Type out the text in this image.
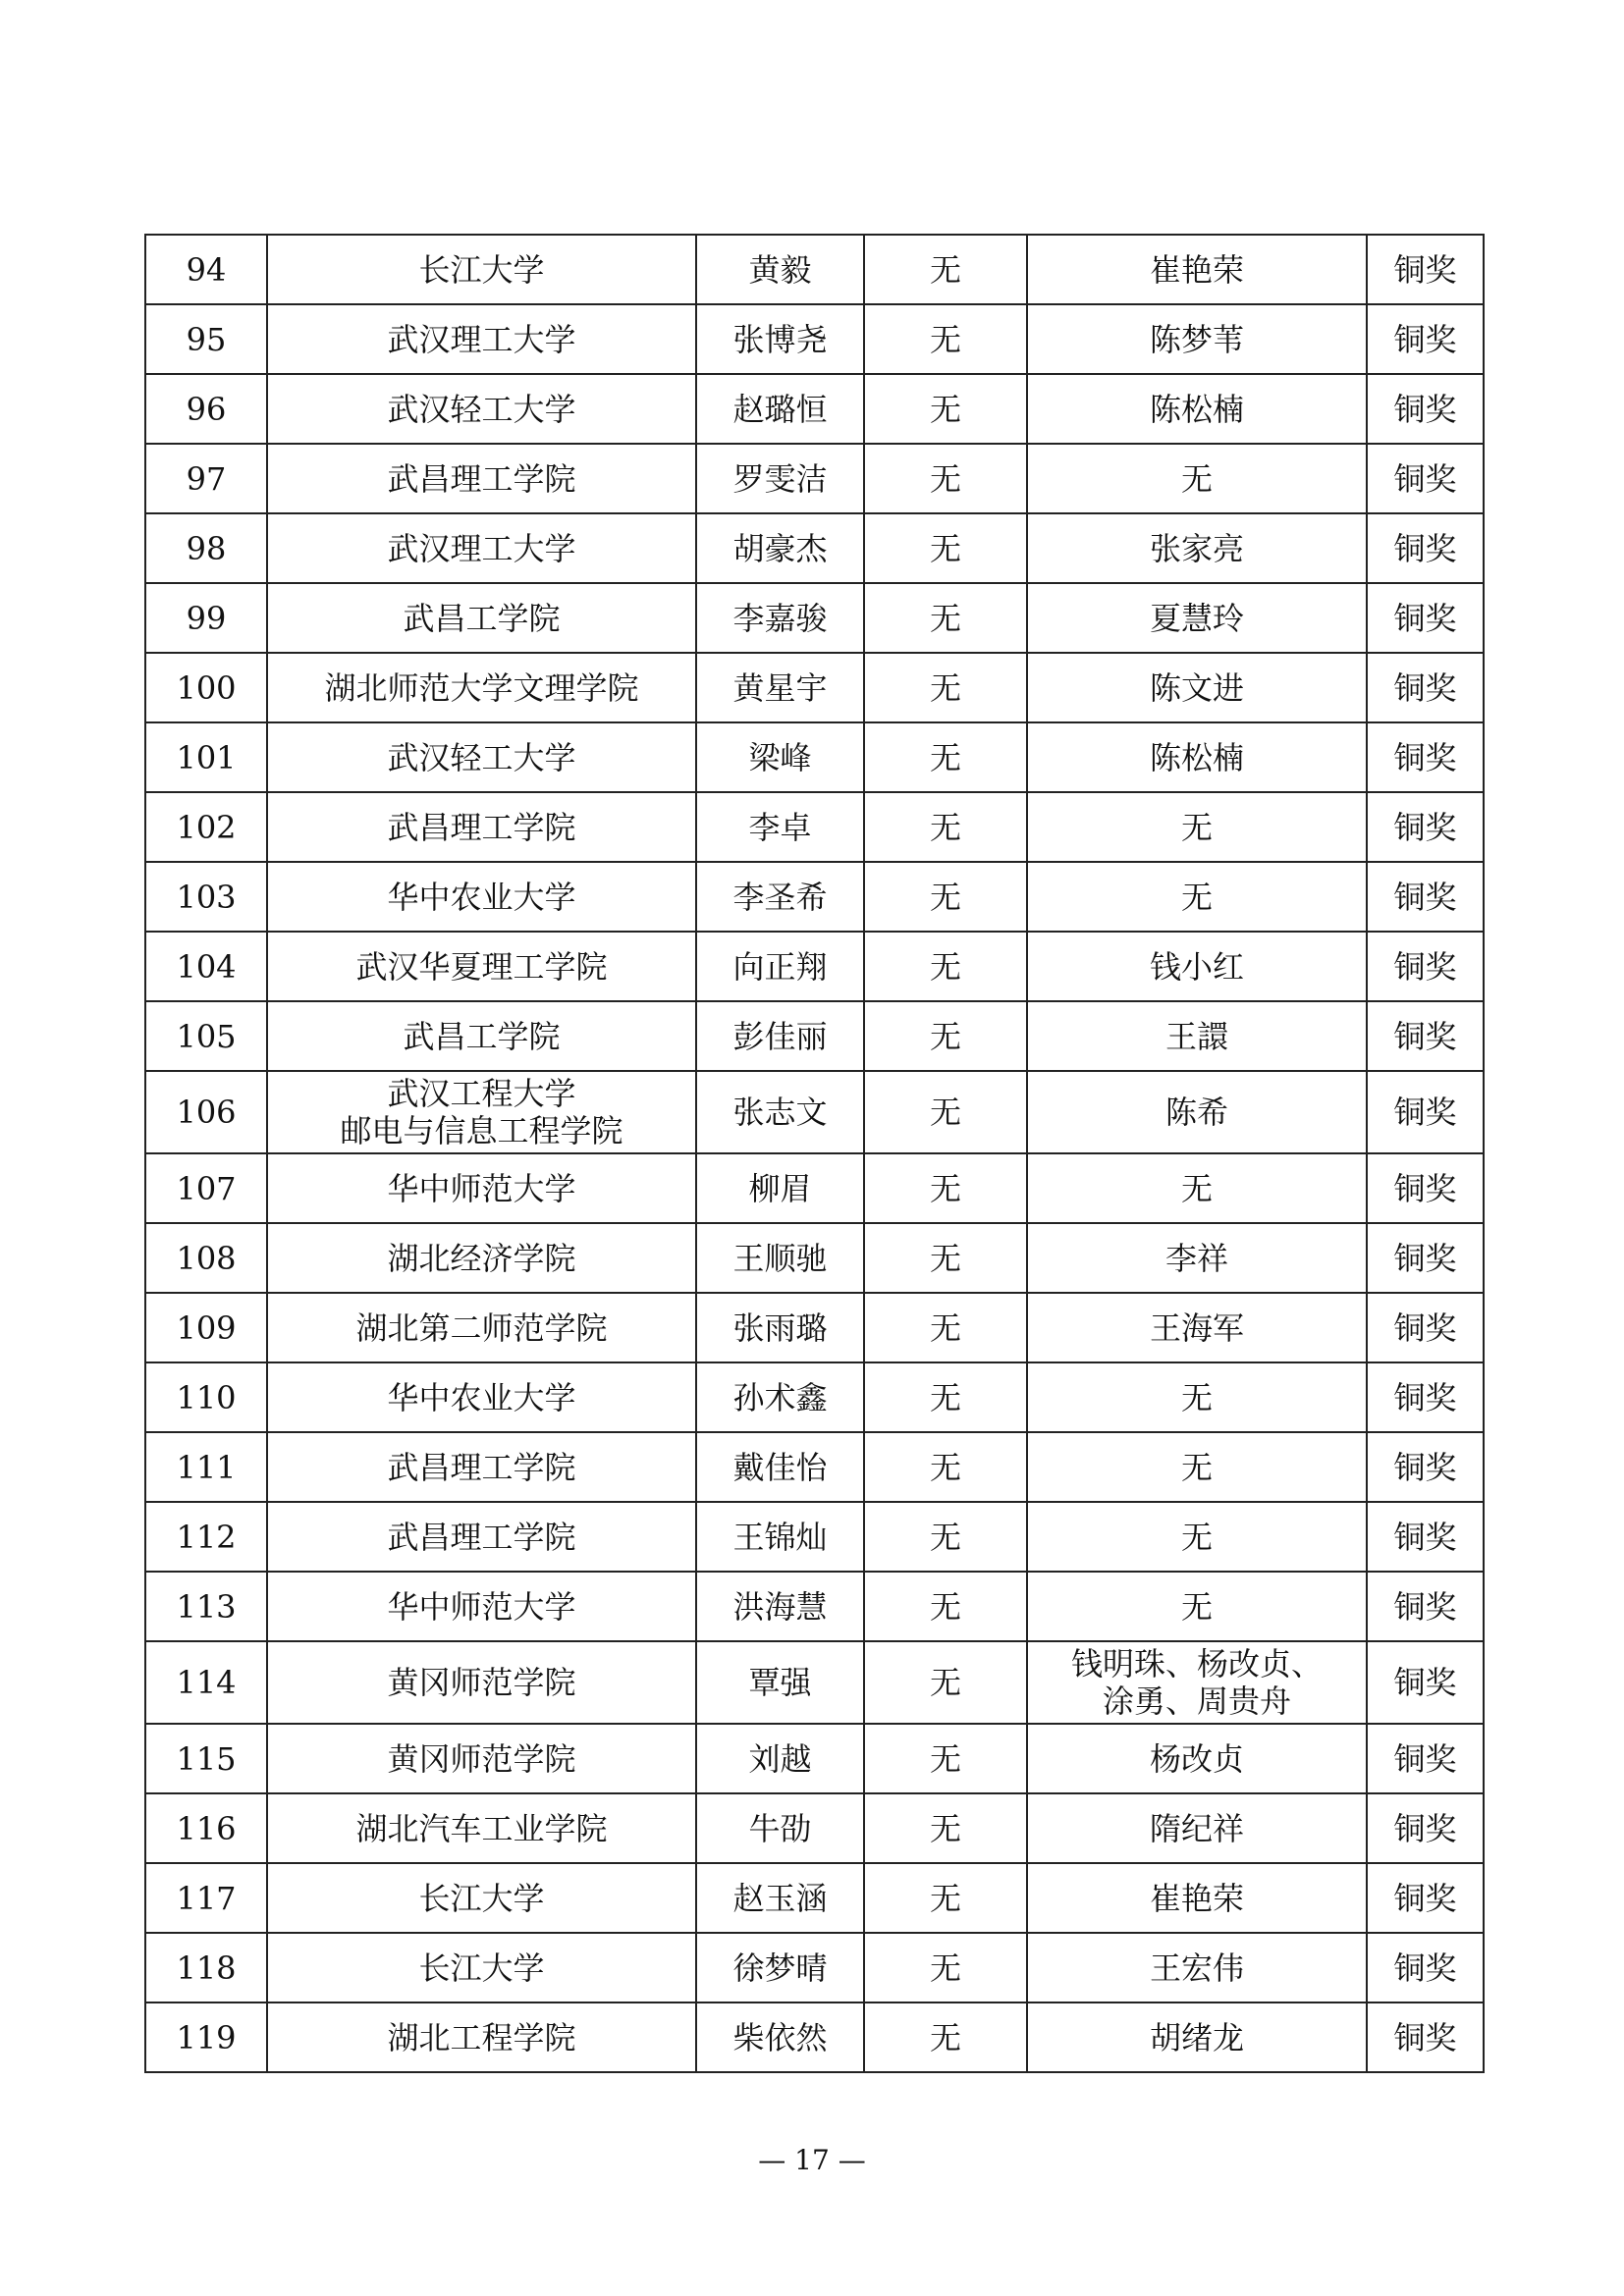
94	长江大学	黄毅	无	崔艳荣	铜奖
95	武汉理工大学	张博尧	无	陈梦苇	铜奖
96	武汉轻工大学	赵璐恒	无	陈松楠	铜奖
97	武昌理工学院	罗雯洁	无	无	铜奖
98	武汉理工大学	胡豪杰	无	张家亮	铜奖
99	武昌工学院	李嘉骏	无	夏慧玲	铜奖
100	湖北师范大学文理学院	黄星宇	无	陈文进	铜奖
101	武汉轻工大学	梁峰	无	陈松楠	铜奖
102	武昌理工学院	李卓	无	无	铜奖
103	华中农业大学	李圣希	无	无	铜奖
104	武汉华夏理工学院	向正翔	无	钱小红	铜奖
105	武昌工学院	彭佳丽	无	王譞	铜奖
106	武汉工程大学
邮电与信息工程学院	张志文	无	陈希	铜奖
107	华中师范大学	柳眉	无	无	铜奖
108	湖北经济学院	王顺驰	无	李祥	铜奖
109	湖北第二师范学院	张雨璐	无	王海军	铜奖
110	华中农业大学	孙术鑫	无	无	铜奖
111	武昌理工学院	戴佳怡	无	无	铜奖
112	武昌理工学院	王锦灿	无	无	铜奖
113	华中师范大学	洪海慧	无	无	铜奖
114	黄冈师范学院	覃强	无	钱明珠、杨改贞、
涂勇、周贵舟	铜奖
115	黄冈师范学院	刘越	无	杨改贞	铜奖
116	湖北汽车工业学院	牛劭	无	隋纪祥	铜奖
117	长江大学	赵玉涵	无	崔艳荣	铜奖
118	长江大学	徐梦晴	无	王宏伟	铜奖
119	湖北工程学院	柴依然	无	胡绪龙	铜奖
— 17 —
